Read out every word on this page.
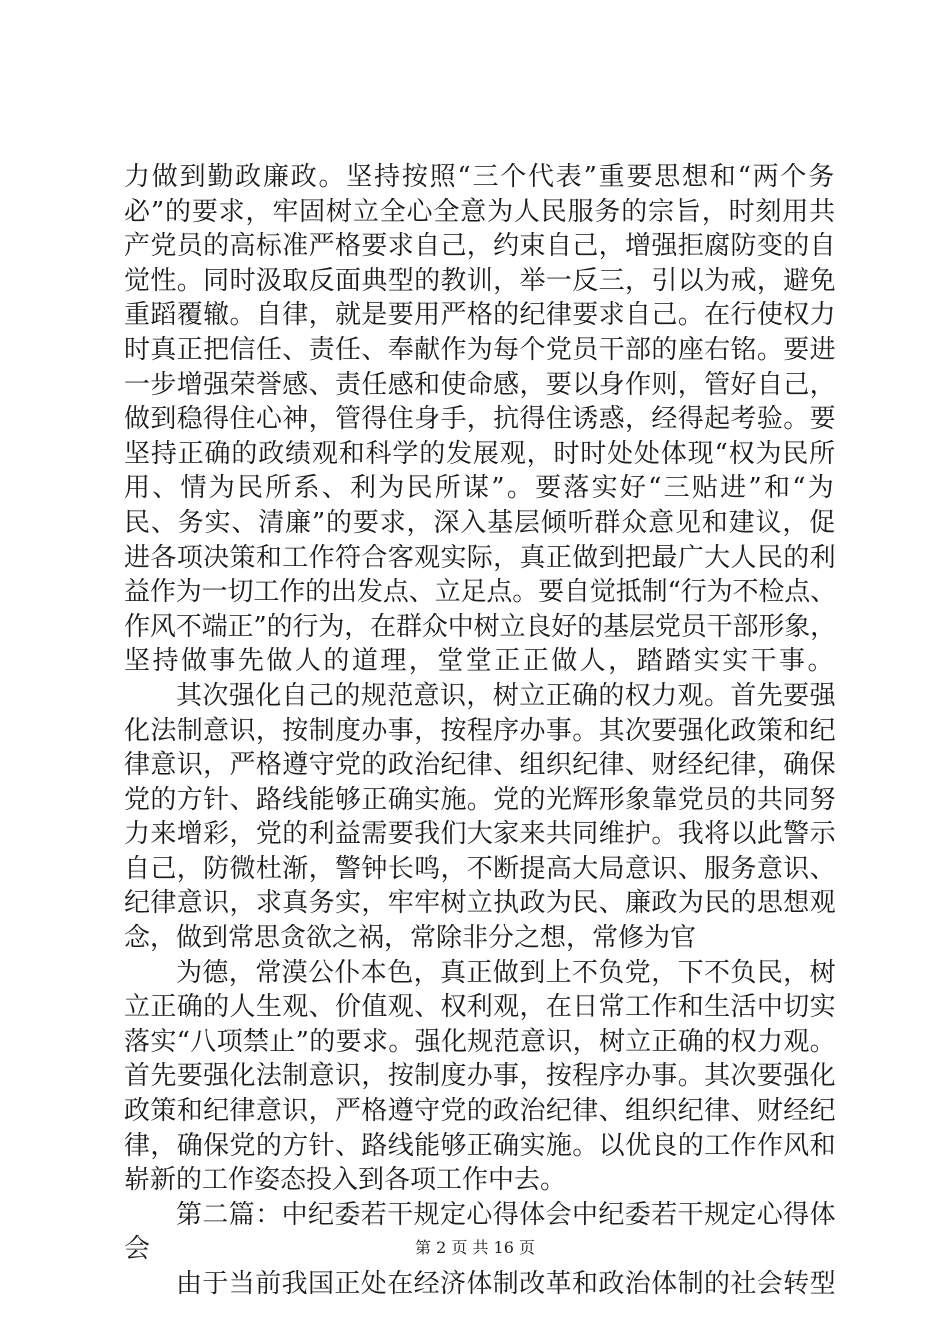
力做到勤政廉政。坚持按照“三个代表”重要思想和“两个务
必”的要求，牢固树立全心全意为人民服务的宗旨，时刻用共
产党员的高标准严格要求自己，约束自己，增强拒腐防变的自
觉性。同时汲取反面典型的教训，举一反三，引以为戒，避免
重蹈覆辙。自律，就是要用严格的纪律要求自己。在行使权力
时真正把信任、责任、奉献作为每个党员干部的座右铭。要进
一步增强荣誉感、责任感和使命感，要以身作则，管好自己，
做到稳得住心神，管得住身手，抗得住诱惑，经得起考验。要
坚持正确的政绩观和科学的发展观，时时处处体现“权为民所
用、情为民所系、利为民所谋”。要落实好“三贴进”和“为
民、务实、清廉”的要求，深入基层倾听群众意见和建议，促
进各项决策和工作符合客观实际，真正做到把最广大人民的利
益作为一切工作的出发点、立足点。要自觉抵制“行为不检点、
作风不端正”的行为，在群众中树立良好的基层党员干部形象，
坚持做事先做人的道理，堂堂正正做人，踏踏实实干事。
其次强化自己的规范意识，树立正确的权力观。首先要强
化法制意识，按制度办事，按程序办事。其次要强化政策和纪
律意识，严格遵守党的政治纪律、组织纪律、财经纪律，确保
党的方针、路线能够正确实施。党的光辉形象靠党员的共同努
力来增彩，党的利益需要我们大家来共同维护。我将以此警示
自己，防微杜渐，警钟长鸣，不断提高大局意识、服务意识、
纪律意识，求真务实，牢牢树立执政为民、廉政为民的思想观
念，做到常思贪欲之祸，常除非分之想，常修为官
为德，常漠公仆本色，真正做到上不负党，下不负民，树
立正确的人生观、价值观、权利观，在日常工作和生活中切实
落实“八项禁止”的要求。强化规范意识，树立正确的权力观。
首先要强化法制意识，按制度办事，按程序办事。其次要强化
政策和纪律意识，严格遵守党的政治纪律、组织纪律、财经纪
律，确保党的方针、路线能够正确实施。以优良的工作作风和
崭新的工作姿态投入到各项工作中去。
第二篇：中纪委若干规定心得体会中纪委若干规定心得体
会
由于当前我国正处在经济体制改革和政治体制的社会转型
第 2 页 共 16 页
